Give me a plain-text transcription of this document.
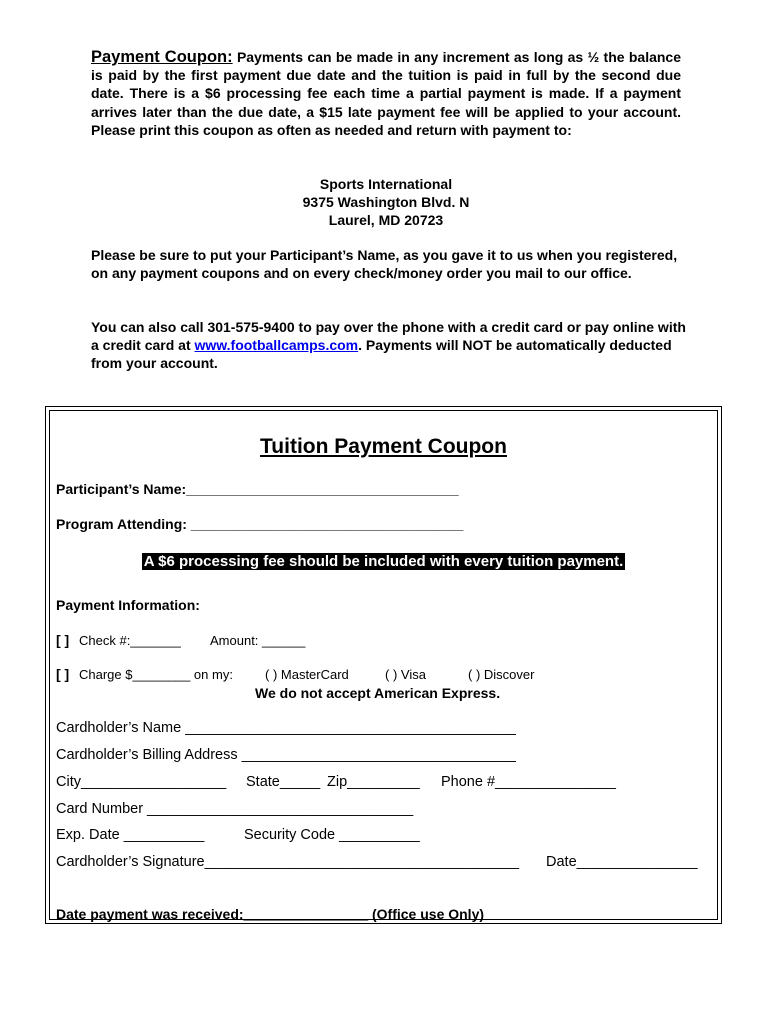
Payment Coupon: Payments can be made in any increment as long as ½ the balance is paid by the first payment due date and the tuition is paid in full by the second due date. There is a $6 processing fee each time a partial payment is made. If a payment arrives later than the due date, a $15 late payment fee will be applied to your account. Please print this coupon as often as needed and return with payment to:
Sports International
9375 Washington Blvd. N
Laurel, MD 20723
Please be sure to put your Participant’s Name, as you gave it to us when you registered, on any payment coupons and on every check/money order you mail to our office.
You can also call 301-575-9400 to pay over the phone with a credit card or pay online with a credit card at www.footballcamps.com. Payments will NOT be automatically deducted from your account.
Tuition Payment Coupon
Participant’s Name:___________________________________
Program Attending: ___________________________________
A $6 processing fee should be included with every tuition payment.
Payment Information:
[ ] Check #:_______ Amount: ______
[ ] Charge $________ on my: ( ) MasterCard	( ) Visa	( ) Discover
We do not accept American Express.
Cardholder’s Name _________________________________________
Cardholder’s Billing Address __________________________________
City__________________ State_____ Zip_________ Phone #_______________
Card Number _________________________________
Exp. Date __________	Security Code __________
Cardholder’s Signature_______________________________________ Date_______________
Date payment was received:________________ (Office use Only)
